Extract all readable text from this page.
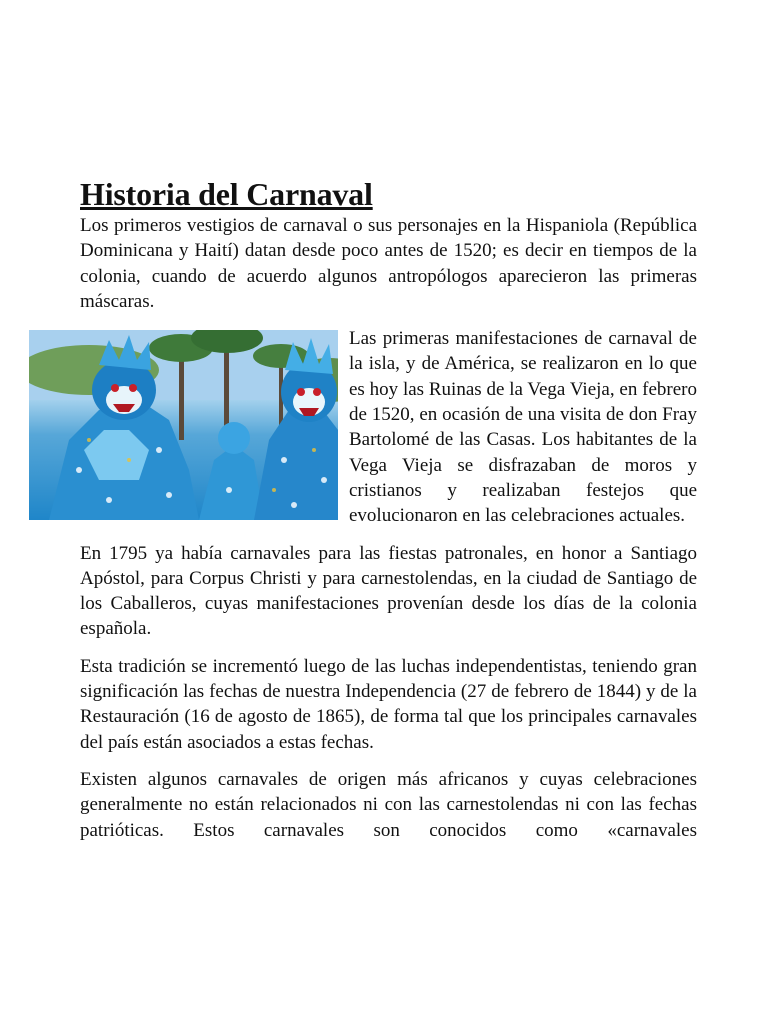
Historia del Carnaval

Los primeros vestigios de carnaval o sus personajes en la Hispaniola (República Dominicana y Haití) datan desde poco antes de 1520; es decir en tiempos de la colonia, cuando de acuerdo algunos antropólogos aparecieron las primeras máscaras.

Las primeras manifestaciones de carnaval de la isla, y de América, se realizaron en lo que es hoy las Ruinas de la Vega Vieja, en febrero de 1520, en ocasión de una visita de don Fray Bartolomé de las Casas. Los habitantes de la Vega Vieja se disfrazaban de moros y cristianos y realizaban festejos que evolucionaron en las celebraciones actuales.

En 1795 ya había carnavales para las fiestas patronales, en honor a Santiago Apóstol, para Corpus Christi y para carnestolendas, en la ciudad de Santiago de los Caballeros, cuyas manifestaciones provenían desde los días de la colonia española.

Esta tradición se incrementó luego de las luchas independentistas, teniendo gran significación las fechas de nuestra Independencia (27 de febrero de 1844) y de la Restauración (16 de agosto de 1865), de forma tal que los principales carnavales del país están asociados a estas fechas.

Existen algunos carnavales de origen más africanos y cuyas celebraciones generalmente no están relacionados ni con las carnestolendas ni con las fechas patrióticas. Estos carnavales son conocidos como «carnavales
